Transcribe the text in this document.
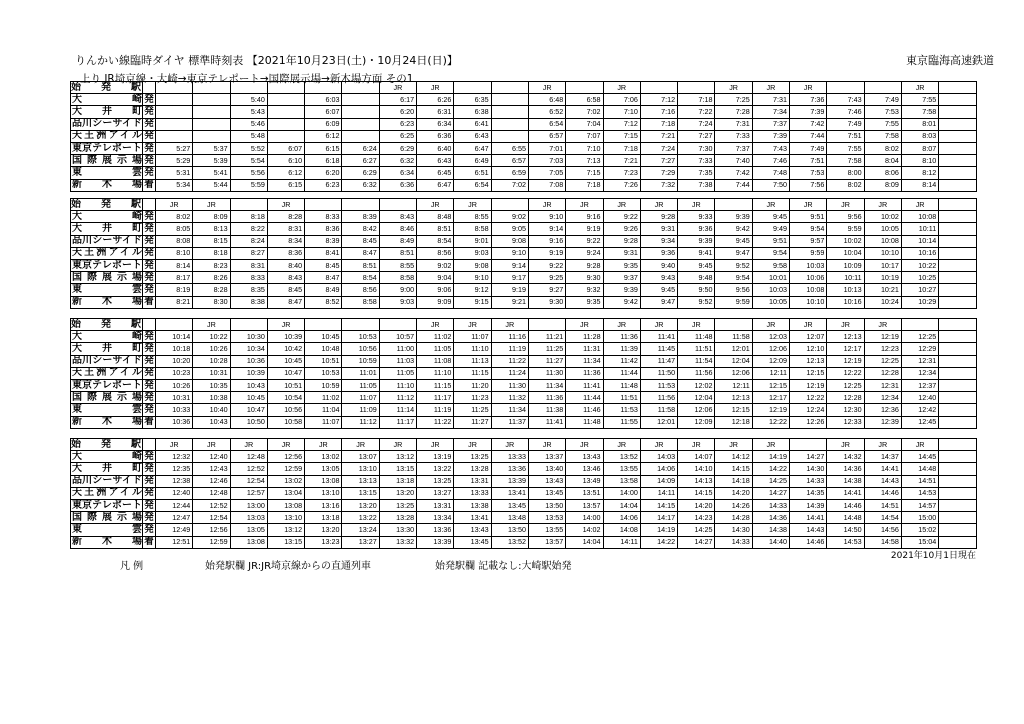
りんかい線臨時ダイヤ 標準時刻表 【2021年10月23日(土)・10月24日(日)】	東京臨海高速鉄道
上り JR埼京線・大崎→東京テレポート→国際展示場→新木場方面 その1
始発駅								JR	JR			JR		JR			JR	JR	JR			JR	
大崎	発			5:40		6:03		6:17	6:26	6:35		6:48	6:58	7:06	7:12	7:18	7:25	7:31	7:36	7:43	7:49	7:55	
大井町	発			5:43		6:07		6:20	6:31	6:38		6:52	7:02	7:10	7:16	7:22	7:28	7:34	7:39	7:46	7:53	7:58	
品川シーサイド	発			5:46		6:09		6:23	6:34	6:41		6:54	7:04	7:12	7:18	7:24	7:31	7:37	7:42	7:49	7:55	8:01	
天王洲アイル	発			5:48		6:12		6:25	6:36	6:43		6:57	7:07	7:15	7:21	7:27	7:33	7:39	7:44	7:51	7:58	8:03	
東京テレポート	発	5:27	5:37	5:52	6:07	6:15	6:24	6:29	6:40	6:47	6:55	7:01	7:10	7:18	7:24	7:30	7:37	7:43	7:49	7:55	8:02	8:07	
国際展示場	発	5:29	5:39	5:54	6:10	6:18	6:27	6:32	6:43	6:49	6:57	7:03	7:13	7:21	7:27	7:33	7:40	7:46	7:51	7:58	8:04	8:10	
東雲	発	5:31	5:41	5:56	6:12	6:20	6:29	6:34	6:45	6:51	6:59	7:05	7:15	7:23	7:29	7:35	7:42	7:48	7:53	8:00	8:06	8:12	
新木場	着	5:34	5:44	5:59	6:15	6:23	6:32	6:36	6:47	6:54	7:02	7:08	7:18	7:26	7:32	7:38	7:44	7:50	7:56	8:02	8:09	8:14	
始発駅		JR	JR		JR				JR	JR		JR	JR	JR	JR	JR		JR	JR	JR	JR	JR	
大崎	発	8:02	8:09	8:18	8:28	8:33	8:39	8:43	8:48	8:55	9:02	9:10	9:16	9:22	9:28	9:33	9:39	9:45	9:51	9:56	10:02	10:08	
大井町	発	8:05	8:13	8:22	8:31	8:36	8:42	8:46	8:51	8:58	9:05	9:14	9:19	9:26	9:31	9:36	9:42	9:49	9:54	9:59	10:05	10:11	
品川シーサイド	発	8:08	8:15	8:24	8:34	8:39	8:45	8:49	8:54	9:01	9:08	9:16	9:22	9:28	9:34	9:39	9:45	9:51	9:57	10:02	10:08	10:14	
天王洲アイル	発	8:10	8:18	8:27	8:36	8:41	8:47	8:51	8:56	9:03	9:10	9:19	9:24	9:31	9:36	9:41	9:47	9:54	9:59	10:04	10:10	10:16	
東京テレポート	発	8:14	8:23	8:31	8:40	8:45	8:51	8:55	9:02	9:08	9:14	9:22	9:28	9:35	9:40	9:45	9:52	9:58	10:03	10:09	10:17	10:22	
国際展示場	発	8:17	8:26	8:33	8:43	8:47	8:54	8:58	9:04	9:10	9:17	9:25	9:30	9:37	9:43	9:48	9:54	10:01	10:06	10:11	10:19	10:25	
東雲	発	8:19	8:28	8:35	8:45	8:49	8:56	9:00	9:06	9:12	9:19	9:27	9:32	9:39	9:45	9:50	9:56	10:03	10:08	10:13	10:21	10:27	
新木場	着	8:21	8:30	8:38	8:47	8:52	8:58	9:03	9:09	9:15	9:21	9:30	9:35	9:42	9:47	9:52	9:59	10:05	10:10	10:16	10:24	10:29	
始発駅			JR		JR				JR	JR	JR		JR	JR	JR	JR		JR	JR	JR	JR		
大崎	発	10:14	10:22	10:30	10:39	10:45	10:53	10:57	11:02	11:07	11:16	11:21	11:28	11:36	11:41	11:48	11:58	12:03	12:07	12:13	12:19	12:25	
大井町	発	10:18	10:26	10:34	10:42	10:48	10:56	11:00	11:05	11:10	11:19	11:25	11:31	11:39	11:45	11:51	12:01	12:06	12:10	12:17	12:23	12:29	
品川シーサイド	発	10:20	10:28	10:36	10:45	10:51	10:59	11:03	11:08	11:13	11:22	11:27	11:34	11:42	11:47	11:54	12:04	12:09	12:13	12:19	12:25	12:31	
天王洲アイル	発	10:23	10:31	10:39	10:47	10:53	11:01	11:05	11:10	11:15	11:24	11:30	11:36	11:44	11:50	11:56	12:06	12:11	12:15	12:22	12:28	12:34	
東京テレポート	発	10:26	10:35	10:43	10:51	10:59	11:05	11:10	11:15	11:20	11:30	11:34	11:41	11:48	11:53	12:02	12:11	12:15	12:19	12:25	12:31	12:37	
国際展示場	発	10:31	10:38	10:45	10:54	11:02	11:07	11:12	11:17	11:23	11:32	11:36	11:44	11:51	11:56	12:04	12:13	12:17	12:22	12:28	12:34	12:40	
東雲	発	10:33	10:40	10:47	10:56	11:04	11:09	11:14	11:19	11:25	11:34	11:38	11:46	11:53	11:58	12:06	12:15	12:19	12:24	12:30	12:36	12:42	
新木場	着	10:36	10:43	10:50	10:58	11:07	11:12	11:17	11:22	11:27	11:37	11:41	11:48	11:55	12:01	12:09	12:18	12:22	12:26	12:33	12:39	12:45	
始発駅		JR	JR	JR	JR	JR	JR	JR	JR	JR	JR	JR	JR	JR	JR	JR	JR	JR		JR	JR	JR	
大崎	発	12:32	12:40	12:48	12:56	13:02	13:07	13:12	13:19	13:25	13:33	13:37	13:43	13:52	14:03	14:07	14:12	14:19	14:27	14:32	14:37	14:45	
大井町	発	12:35	12:43	12:52	12:59	13:05	13:10	13:15	13:22	13:28	13:36	13:40	13:46	13:55	14:06	14:10	14:15	14:22	14:30	14:36	14:41	14:48	
品川シーサイド	発	12:38	12:46	12:54	13:02	13:08	13:13	13:18	13:25	13:31	13:39	13:43	13:49	13:58	14:09	14:13	14:18	14:25	14:33	14:38	14:43	14:51	
天王洲アイル	発	12:40	12:48	12:57	13:04	13:10	13:15	13:20	13:27	13:33	13:41	13:45	13:51	14:00	14:11	14:15	14:20	14:27	14:35	14:41	14:46	14:53	
東京テレポート	発	12:44	12:52	13:00	13:08	13:16	13:20	13:25	13:31	13:38	13:45	13:50	13:57	14:04	14:15	14:20	14:26	14:33	14:39	14:46	14:51	14:57	
国際展示場	発	12:47	12:54	13:03	13:10	13:18	13:22	13:28	13:34	13:41	13:48	13:53	14:00	14:06	14:17	14:23	14:28	14:36	14:41	14:48	14:54	15:00	
東雲	発	12:49	12:56	13:05	13:12	13:20	13:24	13:30	13:36	13:43	13:50	13:55	14:02	14:08	14:19	14:25	14:30	14:38	14:43	14:50	14:56	15:02	
新木場	着	12:51	12:59	13:08	13:15	13:23	13:27	13:32	13:39	13:45	13:52	13:57	14:04	14:11	14:22	14:27	14:33	14:40	14:46	14:53	14:58	15:04	
2021年10月1日現在
凡 例	始発駅欄 JR:JR埼京線からの直通列車	始発駅欄 記載なし:大崎駅始発
